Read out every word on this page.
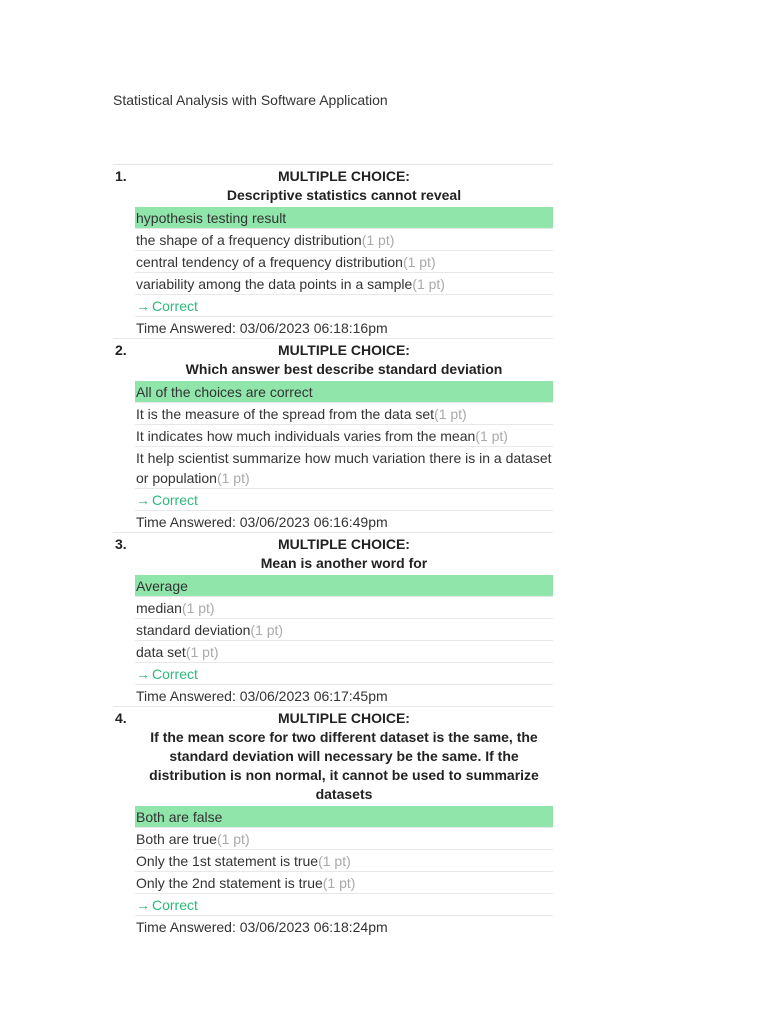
Statistical Analysis with Software Application
1.	MULTIPLE CHOICE:
Descriptive statistics cannot reveal
hypothesis testing result
the shape of a frequency distribution(1 pt)
central tendency of a frequency distribution(1 pt)
variability among the data points in a sample(1 pt)
→ Correct
Time Answered: 03/06/2023 06:18:16pm
2.	MULTIPLE CHOICE:
Which answer best describe standard deviation
All of the choices are correct
It is the measure of the spread from the data set(1 pt)
It indicates how much individuals varies from the mean(1 pt)
It help scientist summarize how much variation there is in a dataset or population(1 pt)
→ Correct
Time Answered: 03/06/2023 06:16:49pm
3.	MULTIPLE CHOICE:
Mean is another word for
Average
median(1 pt)
standard deviation(1 pt)
data set(1 pt)
→ Correct
Time Answered: 03/06/2023 06:17:45pm
4.	MULTIPLE CHOICE:
If the mean score for two different dataset is the same, the standard deviation will necessary be the same. If the distribution is non normal, it cannot be used to summarize datasets
Both are false
Both are true(1 pt)
Only the 1st statement is true(1 pt)
Only the 2nd statement is true(1 pt)
→ Correct
Time Answered: 03/06/2023 06:18:24pm
